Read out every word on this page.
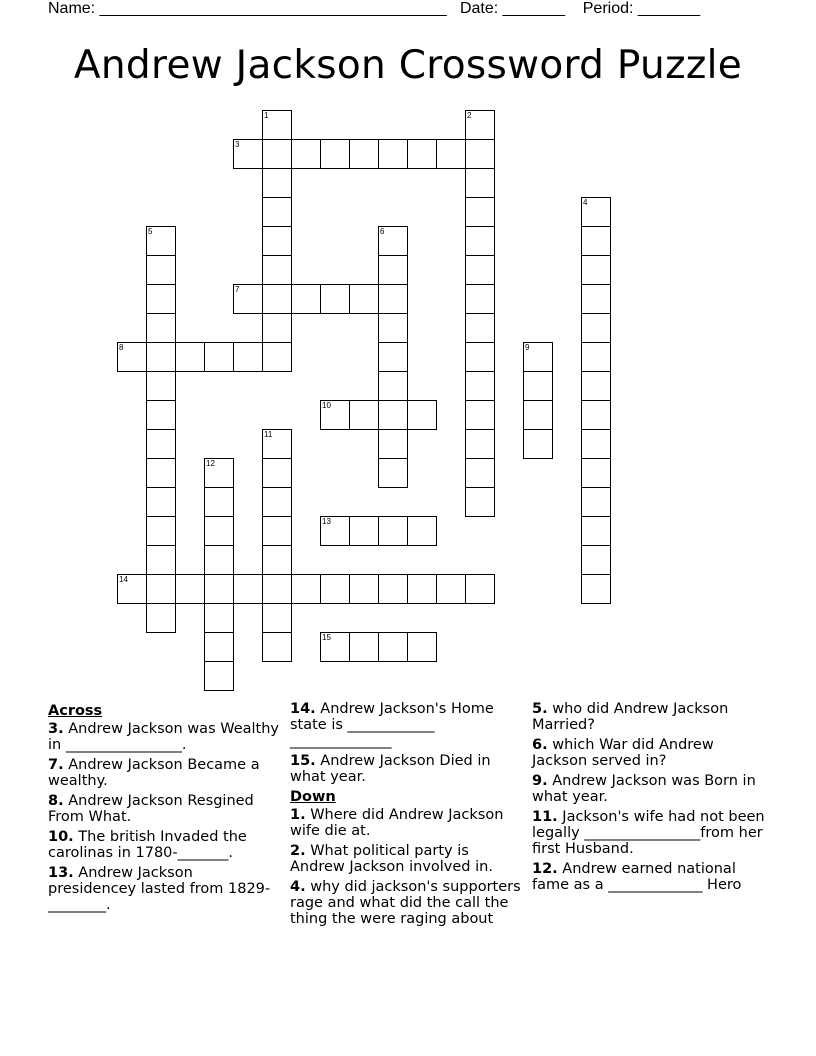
Name: _______________________________________ Date: _______ Period: _______
Andrew Jackson Crossword Puzzle
1	2
3
4
5	6
7
8	9
10
11
12
13
14
15
Across
3. Andrew Jackson was Wealthy in ________________.
7. Andrew Jackson Became a wealthy.
8. Andrew Jackson Resgined From What.
10. The british Invaded the carolinas in 1780-_______.
13. Andrew Jackson presidencey lasted from 1829-________.
14. Andrew Jackson's Home state is ____________ ______________
15. Andrew Jackson Died in what year.
Down
1. Where did Andrew Jackson wife die at.
2. What political party is Andrew Jackson involved in.
4. why did jackson's supporters rage and what did the call the thing the were raging about
5. who did Andrew Jackson Married?
6. which War did Andrew Jackson served in?
9. Andrew Jackson was Born in what year.
11. Jackson's wife had not been legally ________________from her first Husband.
12. Andrew earned national fame as a _____________ Hero
